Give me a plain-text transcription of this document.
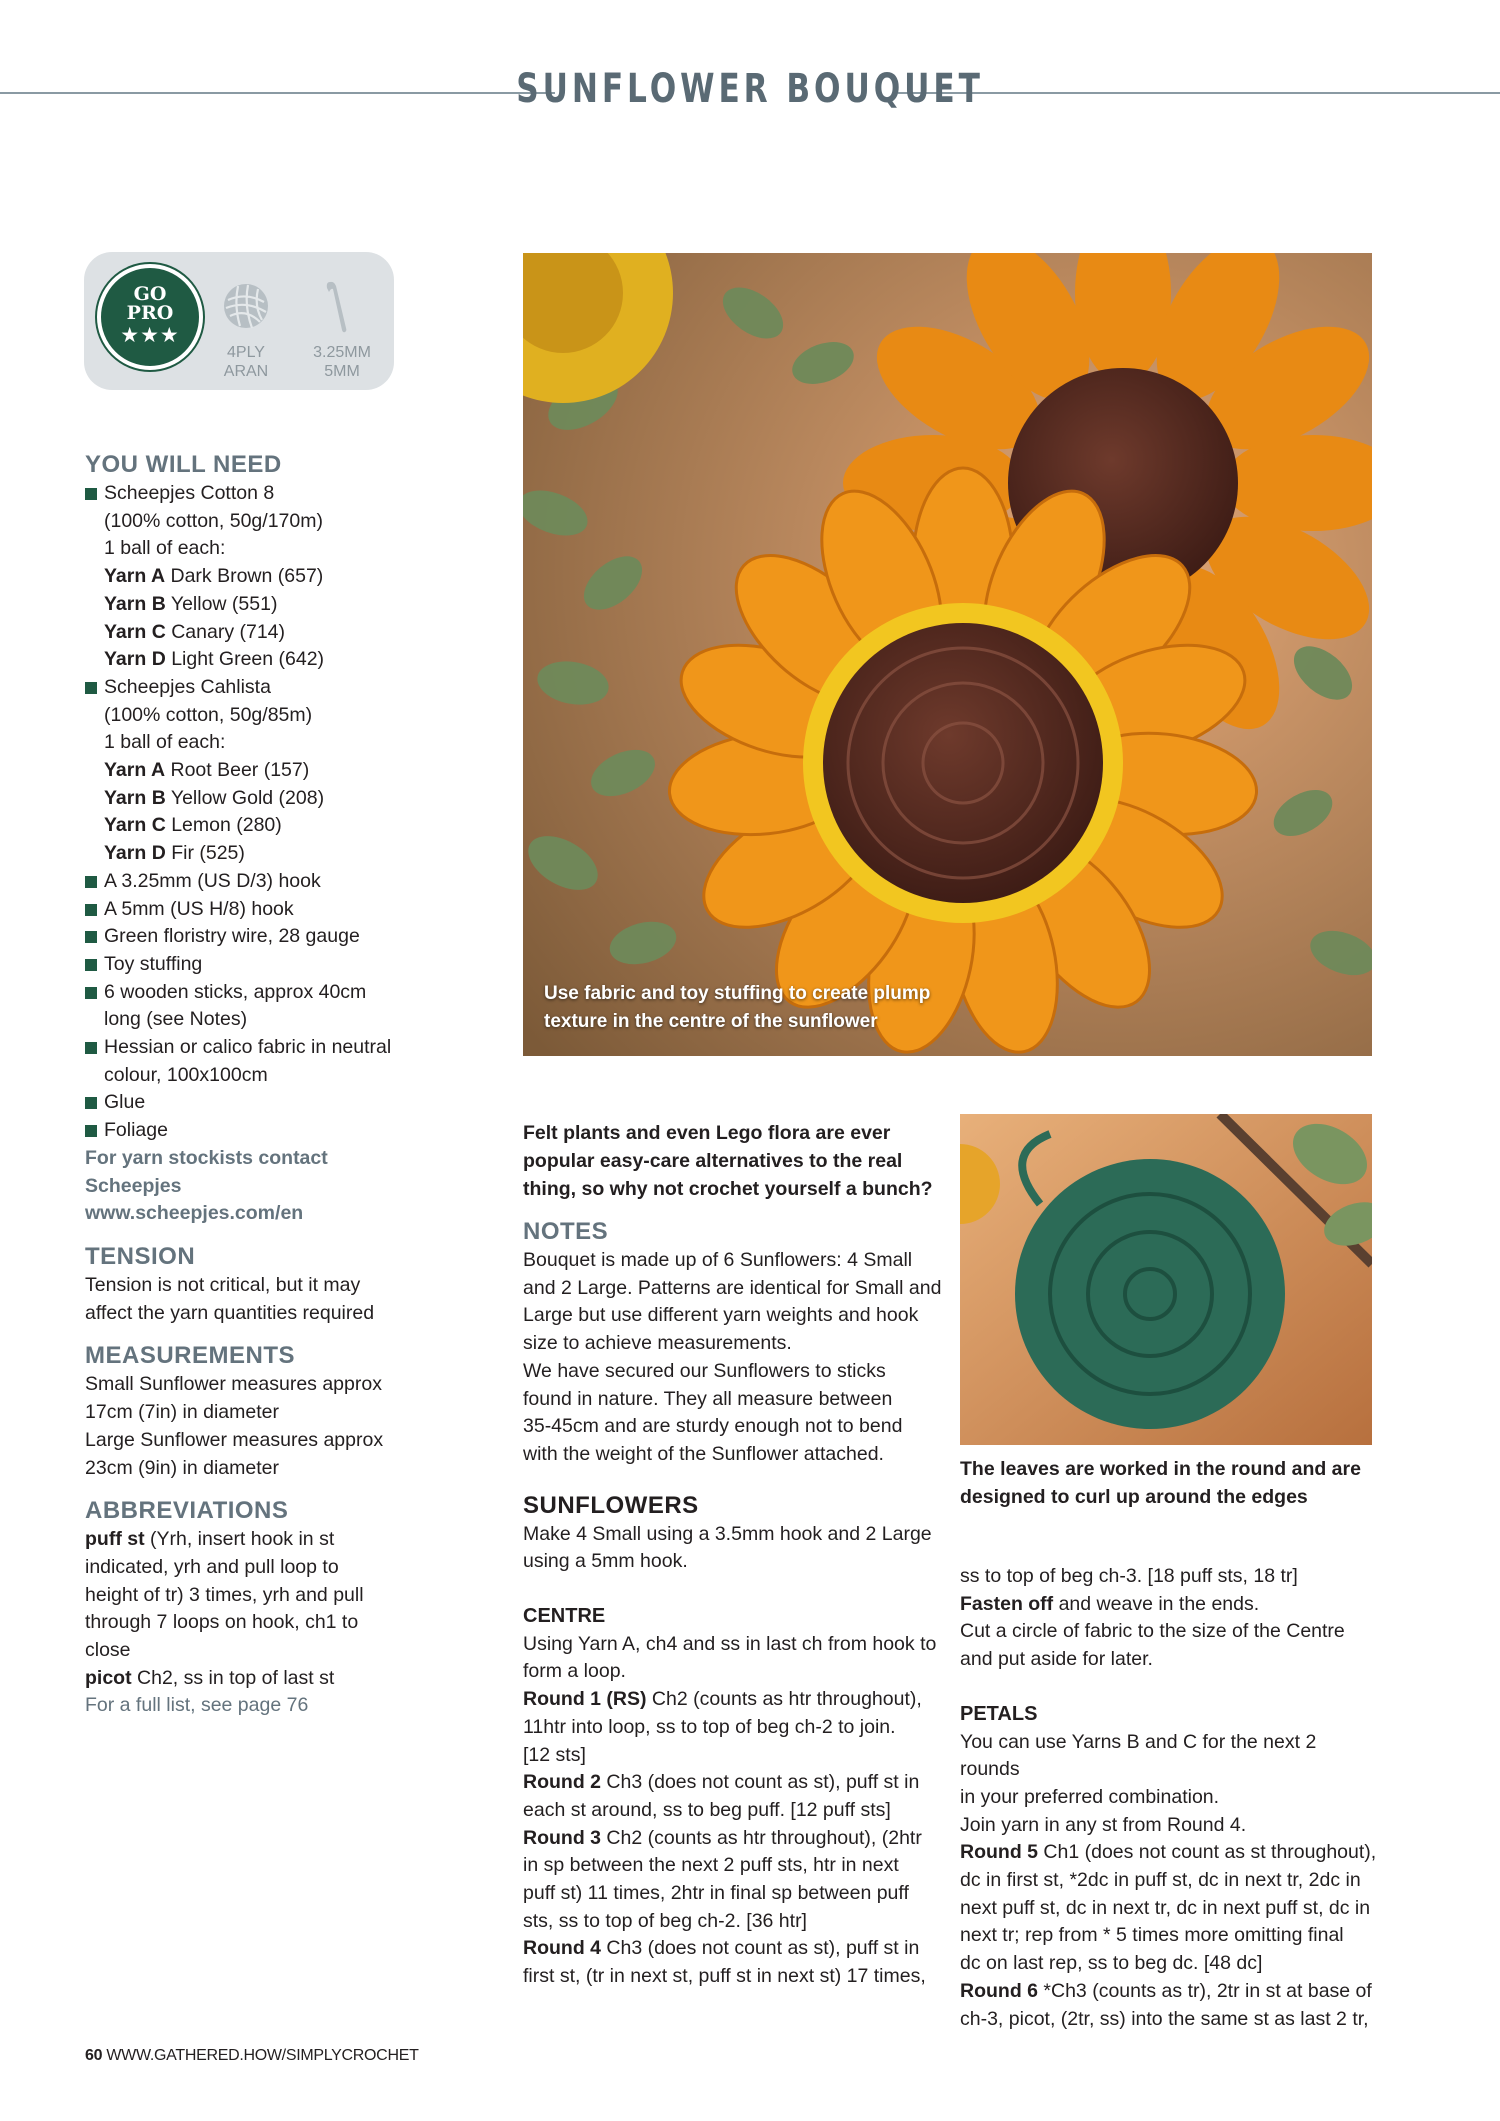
SUNFLOWER BOUQUET
GO
PRO
★★★
4PLY
ARAN
3.25MM
5MM
YOU WILL NEED
Scheepjes Cotton 8
(100% cotton, 50g/170m)
1 ball of each:
Yarn A Dark Brown (657)
Yarn B Yellow (551)
Yarn C Canary (714)
Yarn D Light Green (642)
Scheepjes Cahlista
(100% cotton, 50g/85m)
1 ball of each:
Yarn A Root Beer (157)
Yarn B Yellow Gold (208)
Yarn C Lemon (280)
Yarn D Fir (525)
A 3.25mm (US D/3) hook
A 5mm (US H/8) hook
Green floristry wire, 28 gauge
Toy stuffing
6 wooden sticks, approx 40cm
long (see Notes)
Hessian or calico fabric in neutral
colour, 100x100cm
Glue
Foliage
For yarn stockists contact
Scheepjes
www.scheepjes.com/en
TENSION
Tension is not critical, but it may
affect the yarn quantities required
MEASUREMENTS
Small Sunflower measures approx
17cm (7in) in diameter
Large Sunflower measures approx
23cm (9in) in diameter
ABBREVIATIONS
puff st (Yrh, insert hook in st
indicated, yrh and pull loop to
height of tr) 3 times, yrh and pull
through 7 loops on hook, ch1 to
close
picot Ch2, ss in top of last st
For a full list, see page 76
Use fabric and toy stuffing to create plump
texture in the centre of the sunflower
Felt plants and even Lego flora are ever
popular easy-care alternatives to the real
thing, so why not crochet yourself a bunch?
NOTES
Bouquet is made up of 6 Sunflowers: 4 Small
and 2 Large. Patterns are identical for Small and
Large but use different yarn weights and hook
size to achieve measurements.
We have secured our Sunflowers to sticks
found in nature. They all measure between
35-45cm and are sturdy enough not to bend
with the weight of the Sunflower attached.
SUNFLOWERS
Make 4 Small using a 3.5mm hook and 2 Large
using a 5mm hook.
CENTRE
Using Yarn A, ch4 and ss in last ch from hook to
form a loop.
Round 1 (RS) Ch2 (counts as htr throughout),
11htr into loop, ss to top of beg ch-2 to join.
[12 sts]
Round 2 Ch3 (does not count as st), puff st in
each st around, ss to beg puff. [12 puff sts]
Round 3 Ch2 (counts as htr throughout), (2htr
in sp between the next 2 puff sts, htr in next
puff st) 11 times, 2htr in final sp between puff
sts, ss to top of beg ch-2. [36 htr]
Round 4 Ch3 (does not count as st), puff st in
first st, (tr in next st, puff st in next st) 17 times,
The leaves are worked in the round and are
designed to curl up around the edges
ss to top of beg ch-3. [18 puff sts, 18 tr]
Fasten off and weave in the ends.
Cut a circle of fabric to the size of the Centre
and put aside for later.
PETALS
You can use Yarns B and C for the next 2 rounds
in your preferred combination.
Join yarn in any st from Round 4.
Round 5 Ch1 (does not count as st throughout),
dc in first st, *2dc in puff st, dc in next tr, 2dc in
next puff st, dc in next tr, dc in next puff st, dc in
next tr; rep from * 5 times more omitting final
dc on last rep, ss to beg dc. [48 dc]
Round 6 *Ch3 (counts as tr), 2tr in st at base of
ch-3, picot, (2tr, ss) into the same st as last 2 tr,
60 WWW.GATHERED.HOW/SIMPLYCROCHET
